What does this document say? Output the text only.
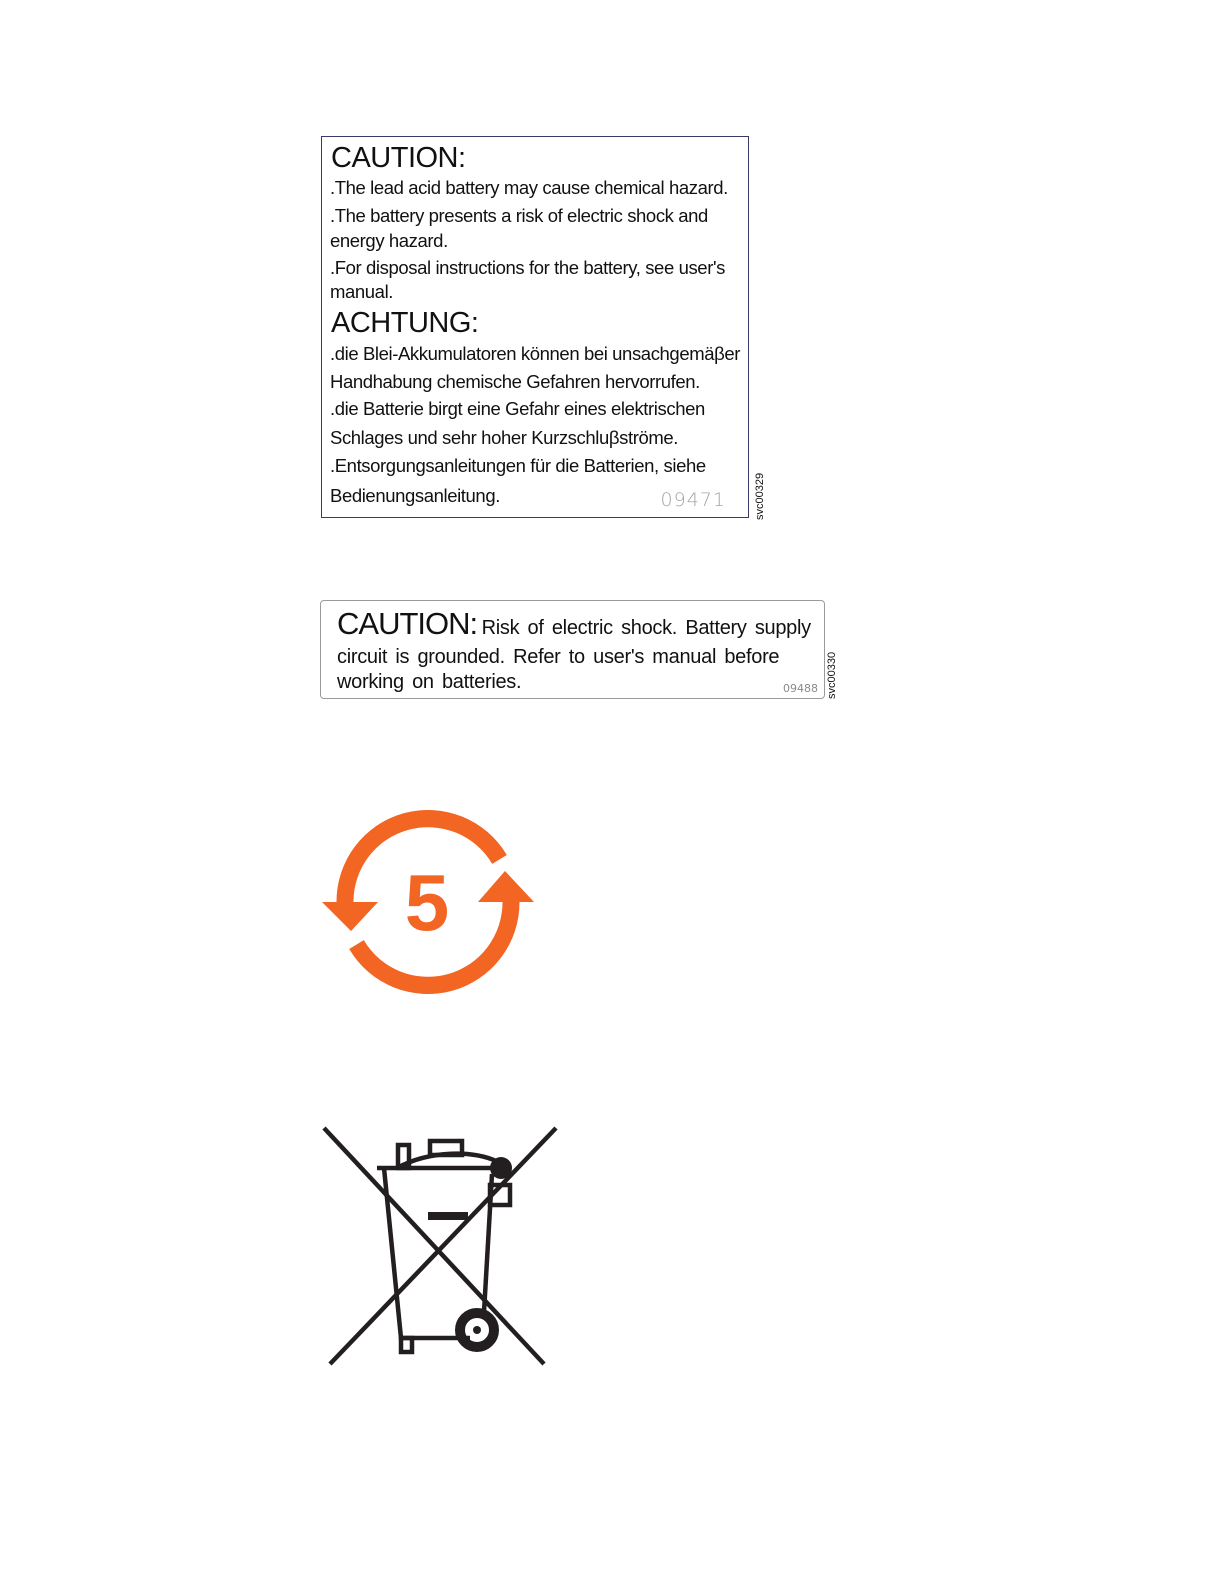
CAUTION:
.The lead acid battery may cause chemical hazard.
.The battery presents a risk of electric shock and
energy hazard.
.For disposal instructions for the battery, see user's
manual.
ACHTUNG:
.die Blei-Akkumulatoren können bei unsachgemäβer
Handhabung chemische Gefahren hervorrufen.
.die Batterie birgt eine Gefahr eines elektrischen
Schlages und sehr hoher Kurzschluβströme.
.Entsorgungsanleitungen für die Batterien, siehe
Bedienungsanleitung.	09471	svc00329
CAUTION: Risk of electric shock. Battery supply
circuit is grounded. Refer to user's manual before
working on batteries.	09488 svc00330
5
